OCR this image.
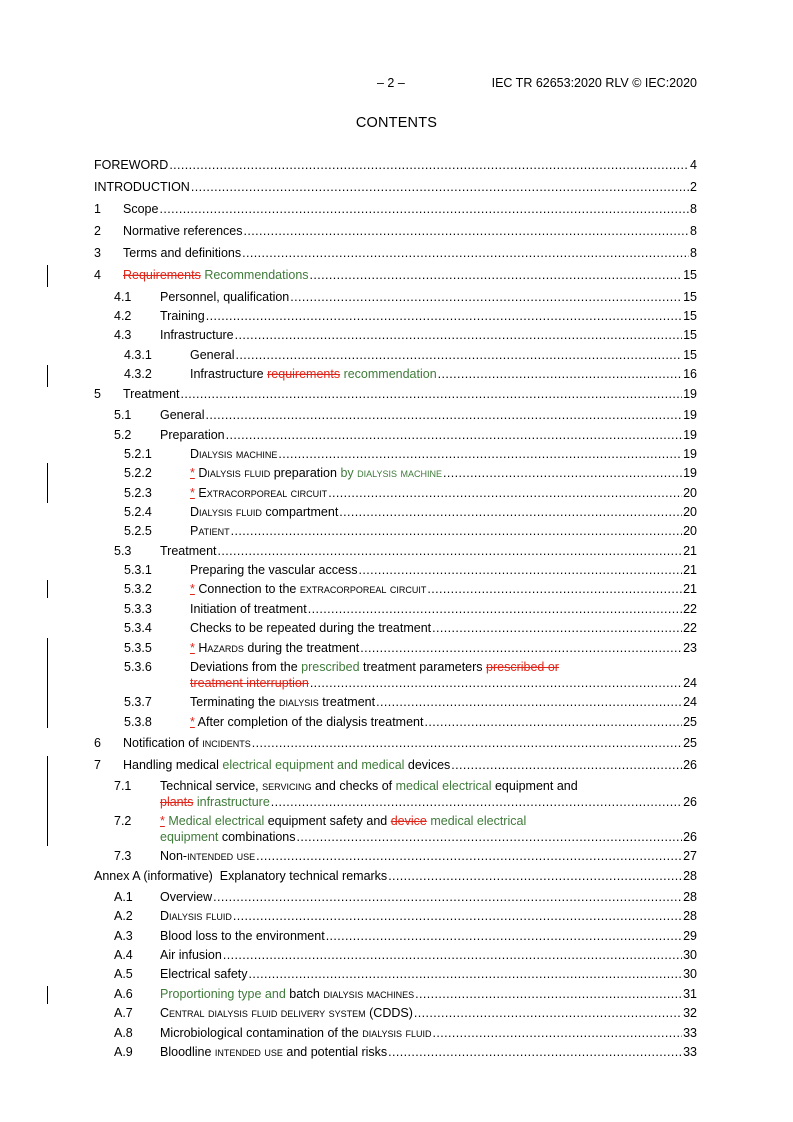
– 2 –	IEC TR 62653:2020 RLV © IEC:2020
CONTENTS
FOREWORD .....	4
INTRODUCTION .....	2
1 Scope .....	8
2 Normative references .....	8
3 Terms and definitions .....	8
4 Requirements Recommendations .....	15
4.1 Personnel, qualification .....	15
4.2 Training .....	15
4.3 Infrastructure .....	15
4.3.1	General .....	15
4.3.2	Infrastructure requirements recommendation .....	16
5 Treatment .....	19
5.1 General .....	19
5.2 Preparation .....	19
5.2.1	Dialysis machine .....	19
5.2.2	* Dialysis fluid preparation by dialysis machine .....	19
5.2.3	* Extracorporeal circuit .....	20
5.2.4	Dialysis fluid compartment .....	20
5.2.5	Patient .....	20
5.3 Treatment .....	21
5.3.1	Preparing the vascular access .....	21
5.3.2	* Connection to the extracorporeal circuit .....	21
5.3.3	Initiation of treatment .....	22
5.3.4	Checks to be repeated during the treatment .....	22
5.3.5	* Hazards during the treatment .....	23
5.3.6	Deviations from the prescribed treatment parameters prescribed or
treatment interruption .....	24
5.3.7	Terminating the dialysis treatment .....	24
5.3.8	* After completion of the dialysis treatment .....	25
6 Notification of incidents .....	25
7 Handling medical electrical equipment and medical devices .....	26
7.1 Technical service, servicing and checks of medical electrical equipment and
plants infrastructure .....	26
7.2 * Medical electrical equipment safety and device medical electrical
equipment combinations .....	26
7.3 Non-intended use .....	27
Annex A (informative)  Explanatory technical remarks .....	28
A.1 Overview .....	28
A.2 Dialysis fluid .....	28
A.3 Blood loss to the environment .....	29
A.4 Air infusion .....	30
A.5 Electrical safety .....	30
A.6 Proportioning type and batch dialysis machines .....	31
A.7 Central dialysis fluid delivery system (CDDS) .....	32
A.8 Microbiological contamination of the dialysis fluid .....	33
A.9 Bloodline intended use and potential risks .....	33
